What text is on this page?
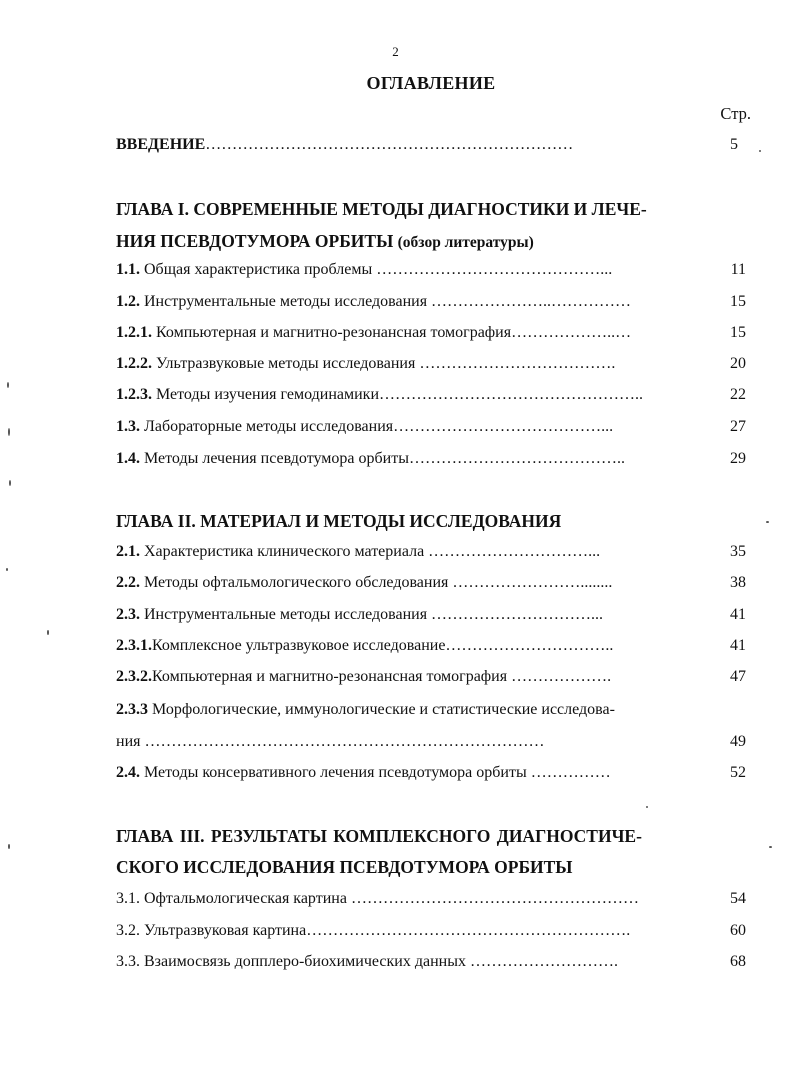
2
ОГЛАВЛЕНИЕ
Стр.
ВВЕДЕНИЕ……………………………………………………………	5
ГЛАВА I. СОВРЕМЕННЫЕ МЕТОДЫ ДИАГНОСТИКИ И ЛЕЧЕ-
НИЯ ПСЕВДОТУМОРА ОРБИТЫ (обзор литературы)
1.1. Общая характеристика проблемы ……………………………………...	11
1.2. Инструментальные методы исследования …………………..……………	15
1.2.1. Компьютерная и магнитно-резонансная томография………………..…	15
1.2.2. Ультразвуковые методы исследования ……………………………….	20
1.2.3. Методы изучения гемодинамики…………………………………………..	22
1.3. Лабораторные методы исследования…………………………………...	27
1.4. Методы лечения псевдотумора орбиты…………………………………..	29
ГЛАВА II. МАТЕРИАЛ И МЕТОДЫ ИССЛЕДОВАНИЯ
2.1. Характеристика клинического материала …………………………...	35
2.2. Методы офтальмологического обследования ……………………........	38
2.3. Инструментальные методы исследования …………………………...	41
2.3.1.Комплексное ультразвуковое исследование…………………………..	41
2.3.2.Компьютерная и магнитно-резонансная томография ……………….	47
2.3.3 Морфологические, иммунологические и статистические исследова-
ния …………………………………………………………………	49
2.4. Методы консервативного лечения псевдотумора орбиты ……………	52
ГЛАВА III. РЕЗУЛЬТАТЫ КОМПЛЕКСНОГО ДИАГНОСТИЧЕ-
СКОГО ИССЛЕДОВАНИЯ ПСЕВДОТУМОРА ОРБИТЫ
3.1. Офтальмологическая картина ………………………………………………	54
3.2. Ультразвуковая картина…………………………………………………….	60
3.3. Взаимосвязь допплеро-биохимических данных ……………………….	68
